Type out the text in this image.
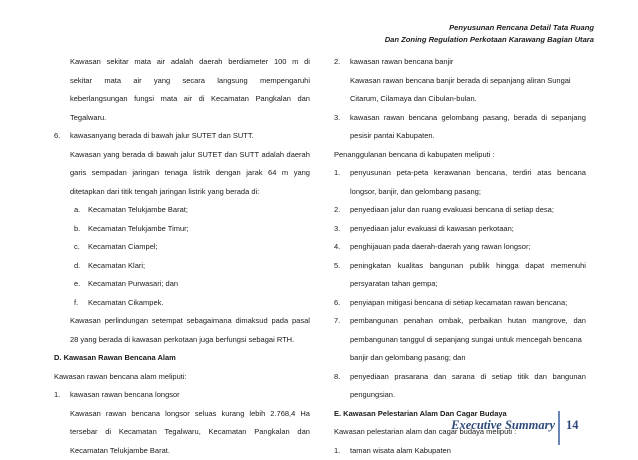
Penyusunan Rencana Detail Tata Ruang
Dan Zoning Regulation Perkotaan Karawang Bagian Utara
Kawasan sekitar mata air adalah daerah berdiameter 100 m di
sekitar mata air yang secara langsung mempengaruhi
keberlangsungan fungsi mata air di Kecamatan Pangkalan dan
Tegalwaru.
6. kawasanyang berada di bawah jalur SUTET dan SUTT.
Kawasan yang berada di bawah jalur SUTET dan SUTT adalah daerah
garis sempadan jaringan tenaga listrik dengan jarak 64 m yang
ditetapkan dari titik tengah jaringan listrik yang berada di:
a. Kecamatan Telukjambe Barat;
b. Kecamatan Telukjambe Timur;
c. Kecamatan Ciampel;
d. Kecamatan Klari;
e. Kecamatan Purwasari; dan
f. Kecamatan Cikampek.
Kawasan perlindungan setempat sebagaimana dimaksud pada pasal
28 yang berada di kawasan perkotaan juga berfungsi sebagai RTH.
D. Kawasan Rawan Bencana Alam
Kawasan rawan bencana alam meliputi:
1. kawasan rawan bencana longsor
Kawasan rawan bencana longsor seluas kurang lebih 2.768,4 Ha
tersebar di Kecamatan Tegalwaru, Kecamatan Pangkalan dan
Kecamatan Telukjambe Barat.
2. kawasan rawan bencana banjir
Kawasan rawan bencana banjir berada di sepanjang aliran Sungai
Citarum, Cilamaya dan Cibulan-bulan.
3. kawasan rawan bencana gelombang pasang, berada di sepanjang
pesisir pantai Kabupaten.
Penanggulanan bencana di kabupaten meliputi :
1. penyusunan peta-peta kerawanan bencana, terdiri atas bencana
longsor, banjir, dan gelombang pasang;
2. penyediaan jalur dan ruang evakuasi bencana di setiap desa;
3. penyediaan jalur evakuasi di kawasan perkotaan;
4. penghijauan pada daerah-daerah yang rawan longsor;
5. peningkatan kualitas bangunan publik hingga dapat memenuhi
persyaratan tahan gempa;
6. penyiapan mitigasi bencana di setiap kecamatan rawan bencana;
7. pembangunan penahan ombak, perbaikan hutan mangrove, dan
pembangunan tanggul di sepanjang sungai untuk mencegah bencana
banjir dan gelombang pasang; dan
8. penyediaan prasarana dan sarana di setiap titik dan bangunan
pengungsian.
E. Kawasan Pelestarian Alam Dan Cagar Budaya
Kawasan pelestarian alam dan cagar budaya meliputi :
1. taman wisata alam Kabupaten
Executive Summary 14
